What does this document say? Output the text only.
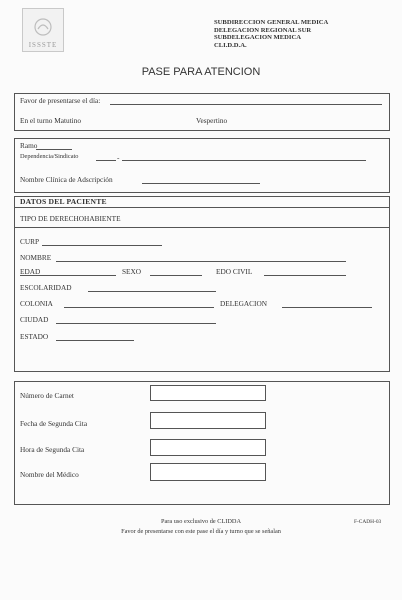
ISSSTE
SUBDIRECCION GENERAL MEDICA
DELEGACION REGIONAL SUR
SUBDELEGACION MEDICA
CLI.D.D.A.
PASE PARA ATENCION
Favor de presentarse el día:
En el turno Matutino	Vespertino
Ramo
Dependencia/Sindicato	-
Nombre Clínica de Adscripción
DATOS DEL PACIENTE
TIPO DE DERECHOHABIENTE
CURP
NOMBRE
EDAD	SEXO	EDO CIVIL
ESCOLARIDAD
COLONIA	DELEGACION
CIUDAD
ESTADO
Número de Carnet
Fecha de Segunda Cita
Hora de Segunda Cita
Nombre del Médico
Para uso exclusivo de CLIDDA
Favor de presentarse con este pase el día y turno que se señalan
F-CADH-03
